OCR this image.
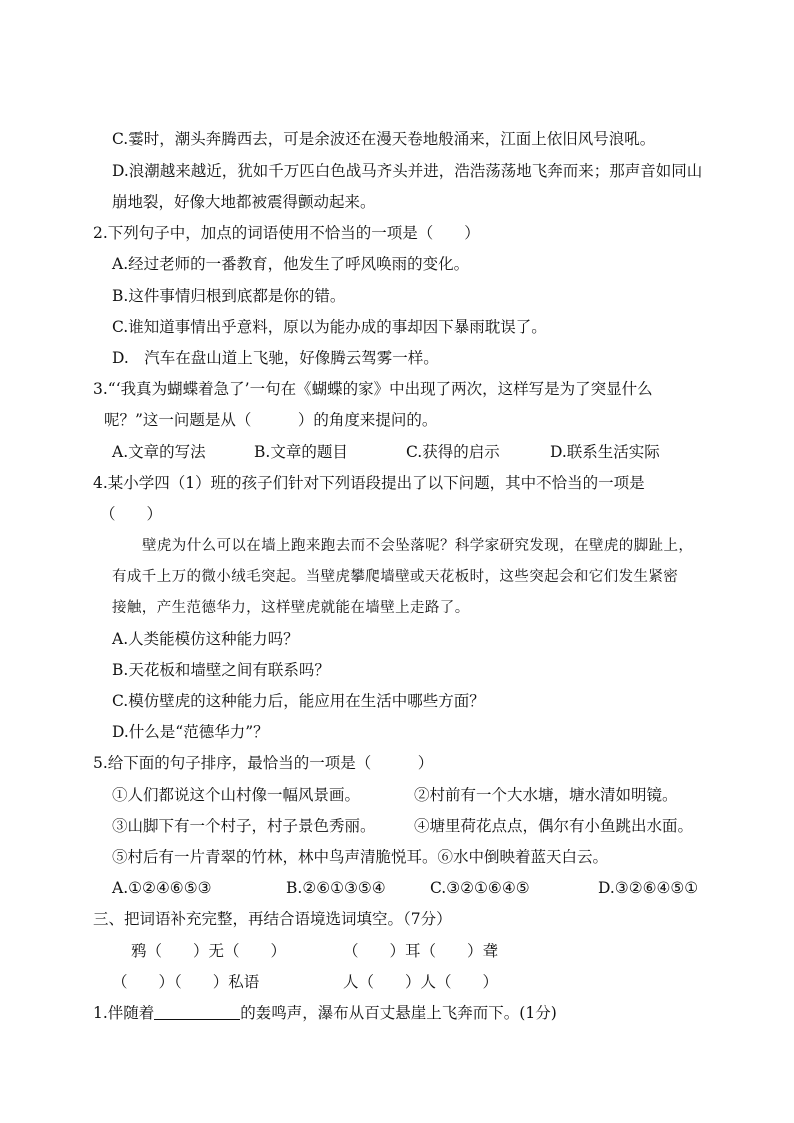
C.霎时，潮头奔腾西去，可是余波还在漫天卷地般涌来，江面上依旧风号浪吼。
D.浪潮越来越近，犹如千万匹白色战马齐头并进，浩浩荡荡地飞奔而来；那声音如同山
崩地裂，好像大地都被震得颤动起来。
2.下列句子中，加点的词语使用不恰当的一项是（　　）
A.经过老师的一番教育，他发生了呼风唤雨的变化。
B.这件事情归根到底都是你的错。
C.谁知道事情出乎意料，原以为能办成的事却因下暴雨耽误了。
D.　汽车在盘山道上飞驰，好像腾云驾雾一样。
3.“‘我真为蝴蝶着急了’一句在《蝴蝶的家》中出现了两次，这样写是为了突显什么
呢？”这一问题是从（　　　）的角度来提问的。
A.文章的写法	B.文章的题目	C.获得的启示	D.联系生活实际
4.某小学四（1）班的孩子们针对下列语段提出了以下问题，其中不恰当的一项是
（　　）
壁虎为什么可以在墙上跑来跑去而不会坠落呢？科学家研究发现，在壁虎的脚趾上，
有成千上万的微小绒毛突起。当壁虎攀爬墙壁或天花板时，这些突起会和它们发生紧密
接触，产生范德华力，这样壁虎就能在墙壁上走路了。
A.人类能模仿这种能力吗？
B.天花板和墙壁之间有联系吗？
C.模仿壁虎的这种能力后，能应用在生活中哪些方面？
D.什么是“范德华力”？
5.给下面的句子排序，最恰当的一项是（　　　）
①人们都说这个山村像一幅风景画。	②村前有一个大水塘，塘水清如明镜。
③山脚下有一个村子，村子景色秀丽。 ④塘里荷花点点，偶尔有小鱼跳出水面。
⑤村后有一片青翠的竹林，林中鸟声清脆悦耳。⑥水中倒映着蓝天白云。
A.①②④⑥⑤③	B.②⑥①③⑤④	C.③②①⑥④⑤	D.③②⑥④⑤①
三、把词语补充完整，再结合语境选词填空。（7分）
鸦（　　）无（　　）	（　　）耳（　　）聋
（　　）（　　）私语	人（　　）人（　　）
1.伴随着	的轰鸣声，瀑布从百丈悬崖上飞奔而下。(1分)
